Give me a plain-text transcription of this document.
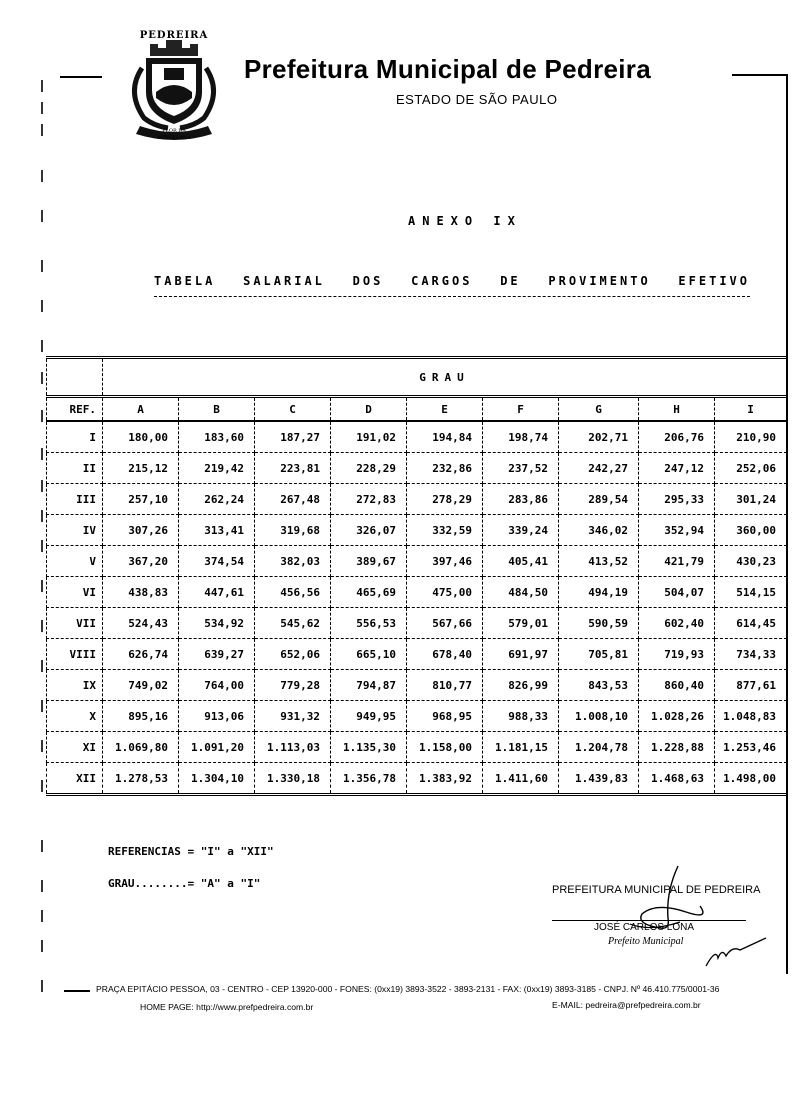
PEDREIRA
FLOR DA
PORCELANA
Prefeitura Municipal de Pedreira
ESTADO DE SÃO PAULO
ANEXO IX
TABELA SALARIAL DOS CARGOS DE PROVIMENTO EFETIVO
	GRAU								
REF.	A	B	C	D	E	F	G	H	I
I	180,00	183,60	187,27	191,02	194,84	198,74	202,71	206,76	210,90
II	215,12	219,42	223,81	228,29	232,86	237,52	242,27	247,12	252,06
III	257,10	262,24	267,48	272,83	278,29	283,86	289,54	295,33	301,24
IV	307,26	313,41	319,68	326,07	332,59	339,24	346,02	352,94	360,00
V	367,20	374,54	382,03	389,67	397,46	405,41	413,52	421,79	430,23
VI	438,83	447,61	456,56	465,69	475,00	484,50	494,19	504,07	514,15
VII	524,43	534,92	545,62	556,53	567,66	579,01	590,59	602,40	614,45
VIII	626,74	639,27	652,06	665,10	678,40	691,97	705,81	719,93	734,33
IX	749,02	764,00	779,28	794,87	810,77	826,99	843,53	860,40	877,61
X	895,16	913,06	931,32	949,95	968,95	988,33	1.008,10	1.028,26	1.048,83
XI	1.069,80	1.091,20	1.113,03	1.135,30	1.158,00	1.181,15	1.204,78	1.228,88	1.253,46
XII	1.278,53	1.304,10	1.330,18	1.356,78	1.383,92	1.411,60	1.439,83	1.468,63	1.498,00
REFERENCIAS = "I" a "XII"
GRAU........= "A" a "I"	PREFEITURA MUNICIPAL DE PEDREIRA
JOSÉ CARLOS LONA
Prefeito Municipal
PRAÇA EPITÁCIO PESSOA, 03 - CENTRO - CEP 13920-000 - FONES: (0xx19) 3893-3522 - 3893-2131 - FAX: (0xx19) 3893-3185 - CNPJ. Nº 46.410.775/0001-36
HOME PAGE: http://www.prefpedreira.com.br	E-MAIL: pedreira@prefpedreira.com.br
